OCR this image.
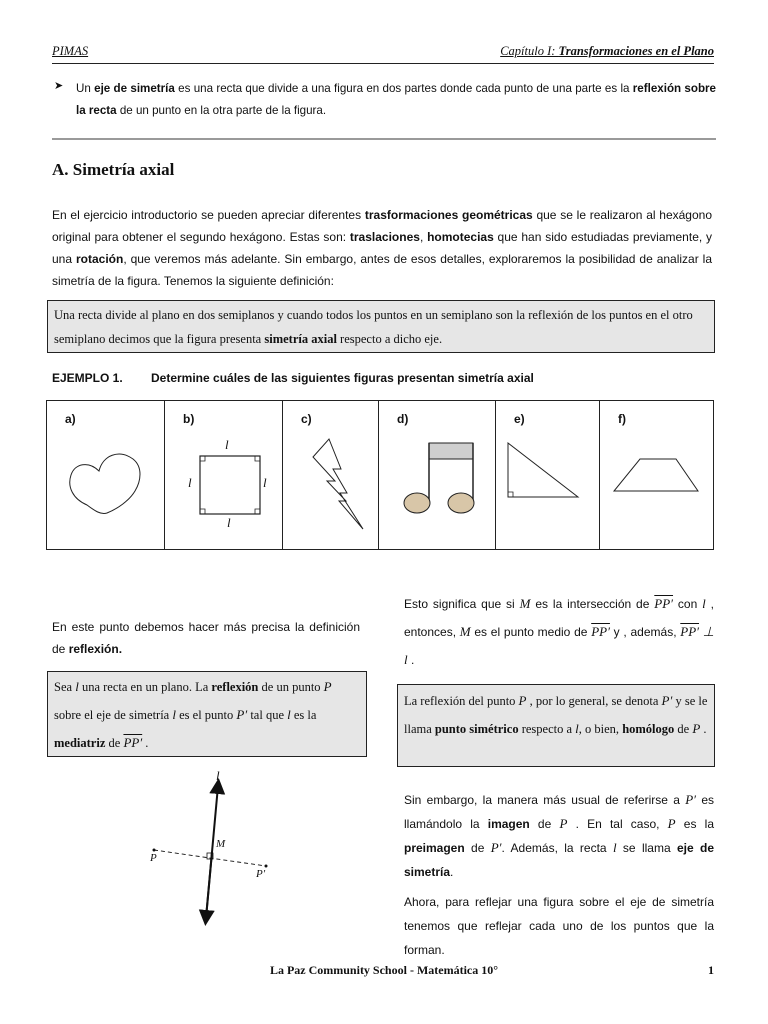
PIMAS	Capítulo I: Transformaciones en el Plano
➤ Un eje de simetría es una recta que divide a una figura en dos partes donde cada punto de una parte es la reflexión sobre la recta de un punto en la otra parte de la figura.
A. Simetría axial
En el ejercicio introductorio se pueden apreciar diferentes trasformaciones geométricas que se le realizaron al hexágono original para obtener el segundo hexágono. Estas son: traslaciones, homotecias que han sido estudiadas previamente, y una rotación, que veremos más adelante. Sin embargo, antes de esos detalles, exploraremos la posibilidad de analizar la simetría de la figura. Tenemos la siguiente definición:
Una recta divide al plano en dos semiplanos y cuando todos los puntos en un semiplano son la reflexión de los puntos en el otro semiplano decimos que la figura presenta simetría axial respecto a dicho eje.
EJEMPLO 1. Determine cuáles de las siguientes figuras presentan simetría axial
a)	b)
l
l	l
l
c)	d)	e)	f)
En este punto debemos hacer más precisa la definición de reflexión.
Sea l una recta en un plano. La reflexión de un punto P sobre el eje de simetría l es el punto P′ tal que l es la mediatriz de PP′ .
l
M
P
P′
Esto significa que si M es la intersección de PP′ con l , entonces, M es el punto medio de PP′ y , además, PP′ ⊥ l .
La reflexión del punto P , por lo general, se denota P′ y se le llama punto simétrico respecto a l, o bien, homólogo de P .
Sin embargo, la manera más usual de referirse a P′ es llamándolo la imagen de P . En tal caso, P es la preimagen de P′. Además, la recta l se llama eje de simetría.
Ahora, para reflejar una figura sobre el eje de simetría tenemos que reflejar cada uno de los puntos que la forman.
La Paz Community School - Matemática 10°	1
